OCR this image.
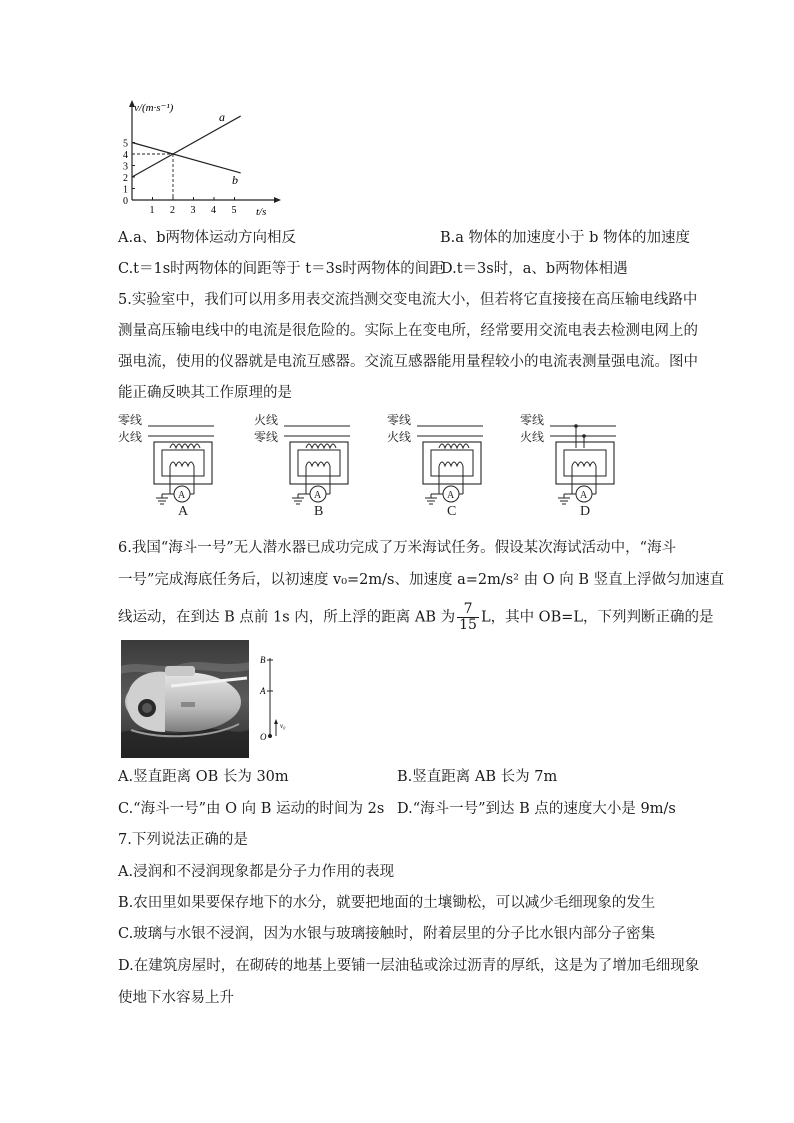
v/(m·s⁻¹)
t/s
0
1
2
3
4
5
1 2 3 4 5
a
b
A.a、b两物体运动方向相反	B.a 物体的加速度小于 b 物体的加速度
C.t＝1s时两物体的间距等于 t＝3s时两物体的间距
D.t＝3s时，a、b两物体相遇
5.实验室中，我们可以用多用表交流挡测交变电流大小，但若将它直接接在高压输电线路中
测量高压输电线中的电流是很危险的。实际上在变电所，经常要用交流电表去检测电网上的
强电流，使用的仪器就是电流互感器。交流互感器能用量程较小的电流表测量强电流。图中
能正确反映其工作原理的是
零线
火线
A
A
火线
零线
A
B
零线
火线
A
C
零线
火线
A
D
6.我国“海斗一号”无人潜水器已成功完成了万米海试任务。假设某次海试活动中，“海斗
一号”完成海底任务后，以初速度 v₀=2m/s、加速度 a=2m/s² 由 O 向 B 竖直上浮做匀加速直
线运动，在到达 B 点前 1s 内，所上浮的距离 AB 为 $\frac{7}{15}$ L，其中 OB=L，下列判断正确的是
B
A
O
v₀
A.竖直距离 OB 长为 30m	B.竖直距离 AB 长为 7m
C.“海斗一号”由 O 向 B 运动的时间为 2s D.“海斗一号”到达 B 点的速度大小是 9m/s
7.下列说法正确的是
A.浸润和不浸润现象都是分子力作用的表现
B.农田里如果要保存地下的水分，就要把地面的土壤锄松，可以减少毛细现象的发生
C.玻璃与水银不浸润，因为水银与玻璃接触时，附着层里的分子比水银内部分子密集
D.在建筑房屋时，在砌砖的地基上要铺一层油毡或涂过沥青的厚纸，这是为了增加毛细现象
使地下水容易上升
